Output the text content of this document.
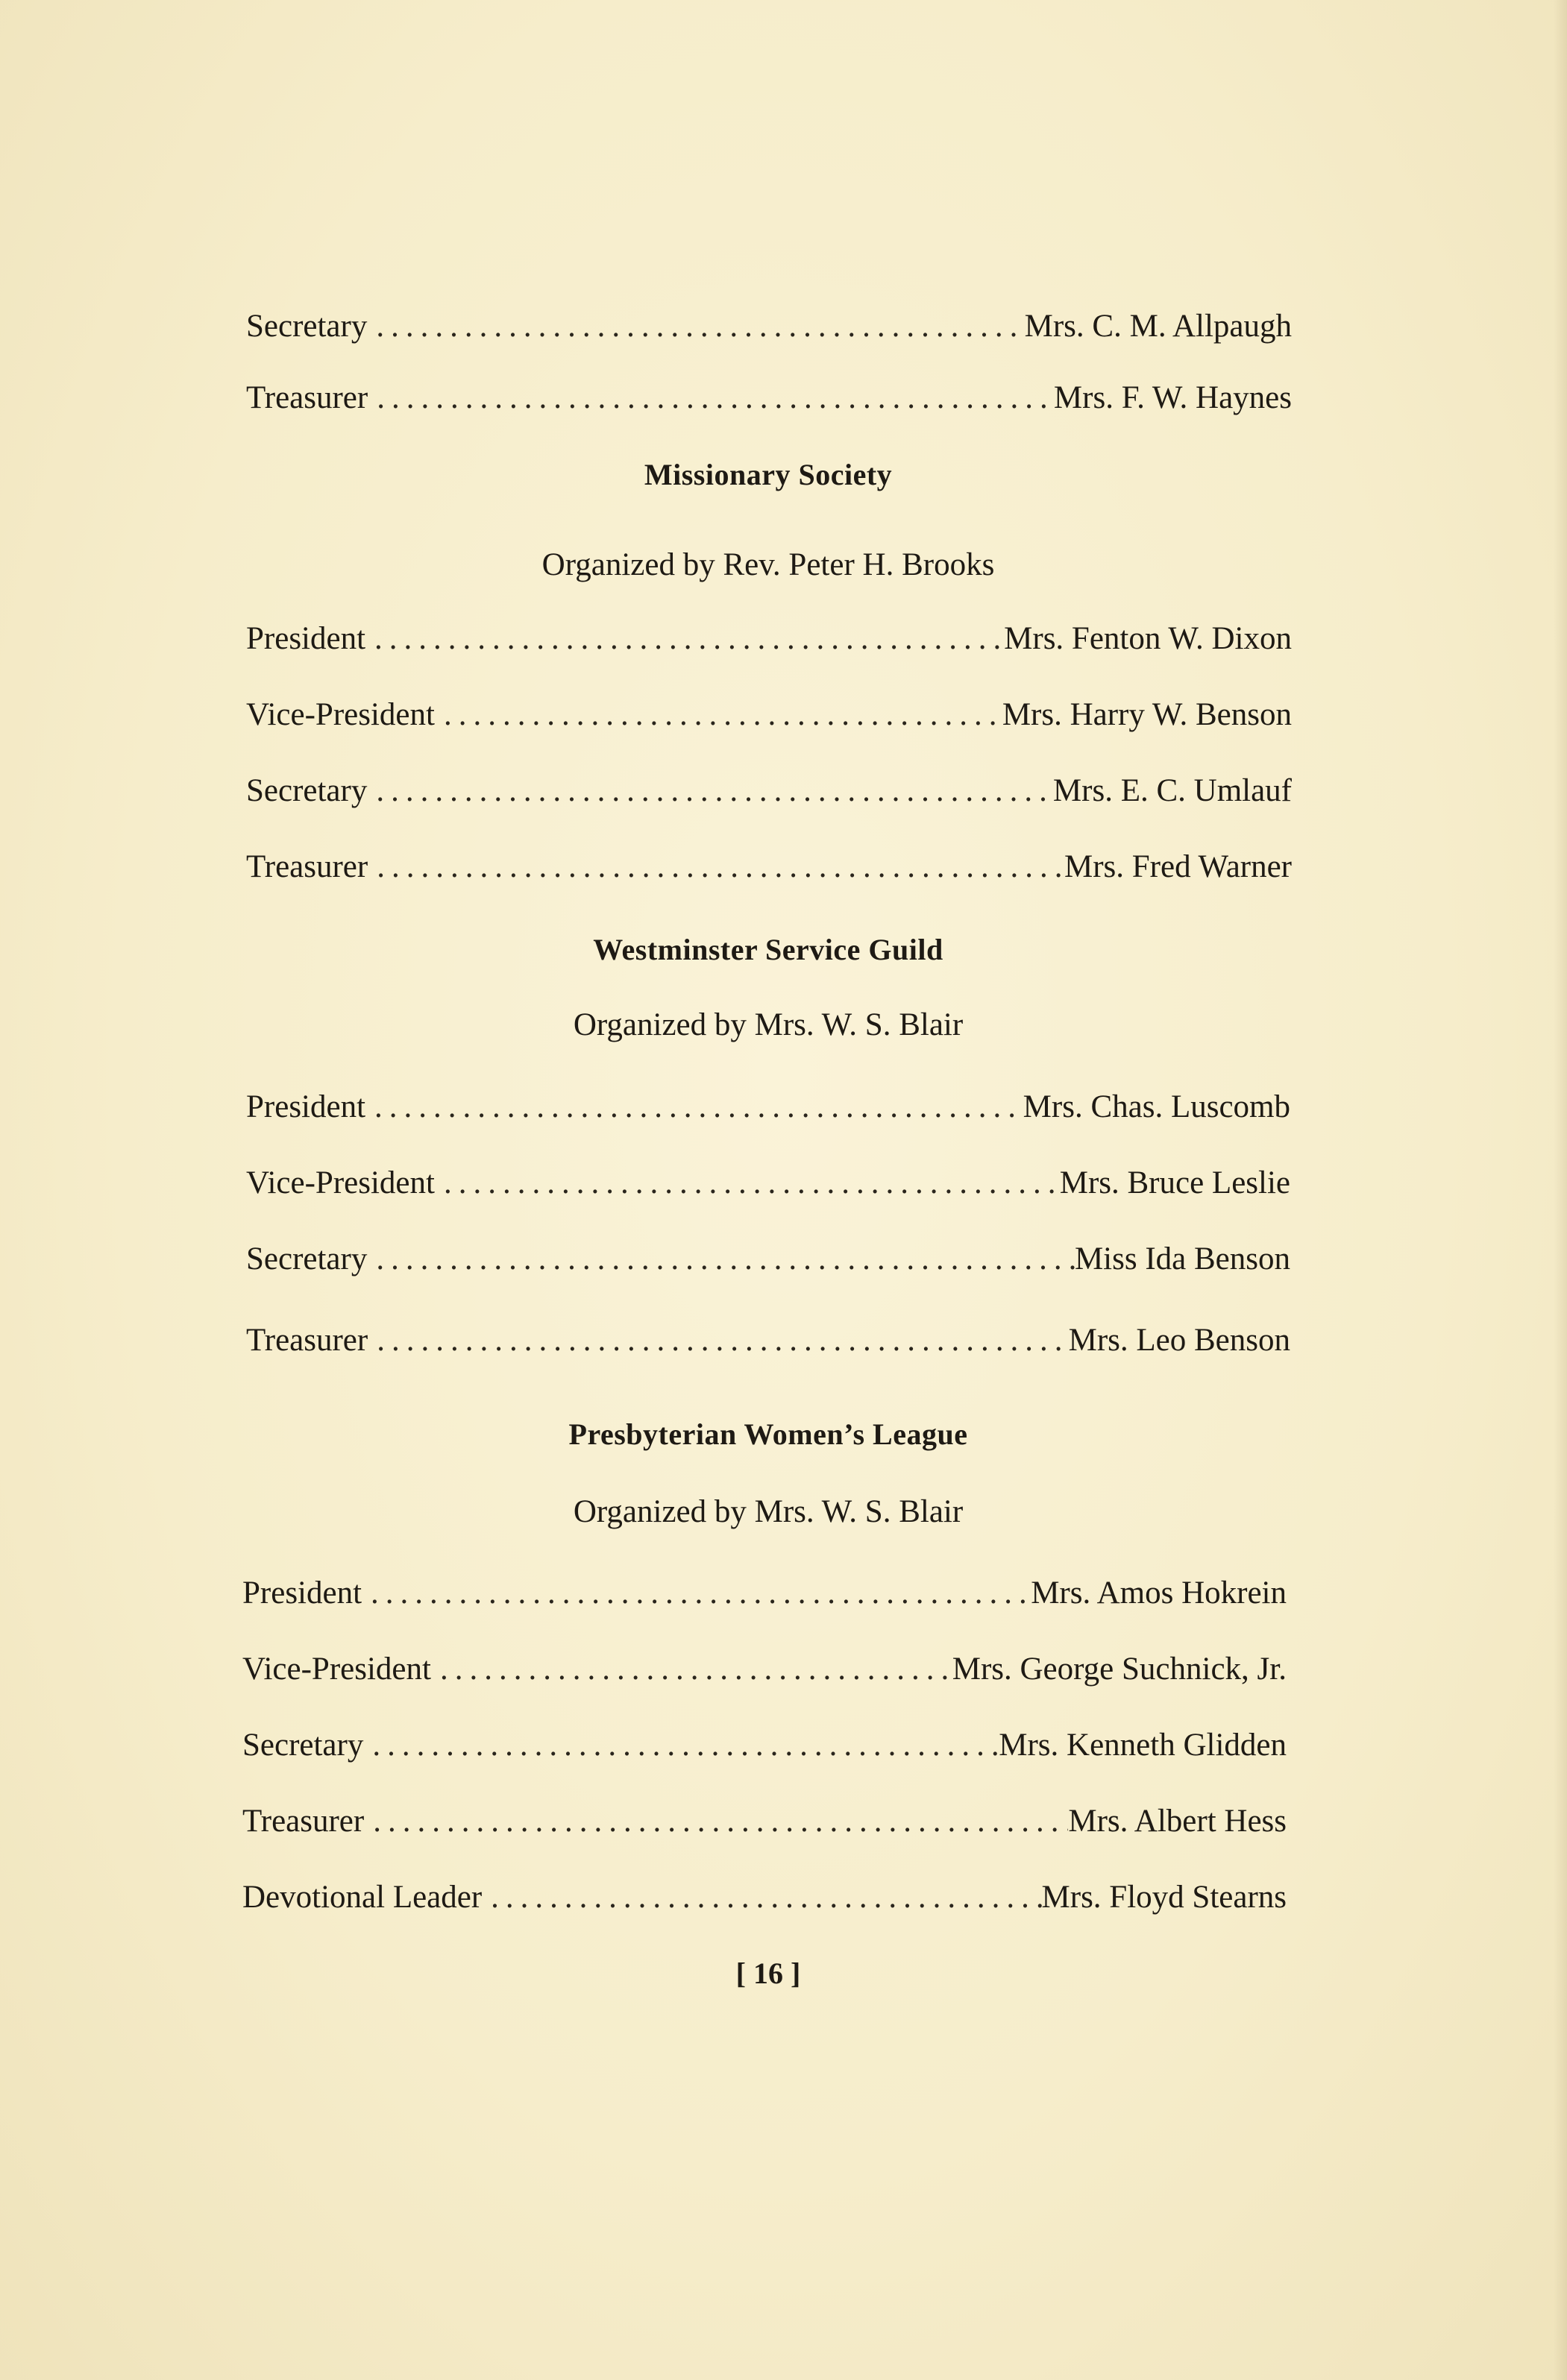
Secretary .....	Mrs. C. M. Allpaugh
Treasurer .....	Mrs. F. W. Haynes
Missionary Society
Organized by Rev. Peter H. Brooks
President .....	Mrs. Fenton W. Dixon
Vice-President .....	Mrs. Harry W. Benson
Secretary .....	Mrs. E. C. Umlauf
Treasurer .....	Mrs. Fred Warner
Westminster Service Guild
Organized by Mrs. W. S. Blair
President .....	Mrs. Chas. Luscomb
Vice-President .....	Mrs. Bruce Leslie
Secretary .....	Miss Ida Benson
Treasurer .....	Mrs. Leo Benson
Presbyterian Women’s League
Organized by Mrs. W. S. Blair
President .....	Mrs. Amos Hokrein
Vice-President .....	Mrs. George Suchnick, Jr.
Secretary .....	Mrs. Kenneth Glidden
Treasurer .....	Mrs. Albert Hess
Devotional Leader .....	Mrs. Floyd Stearns
[ 16 ]
